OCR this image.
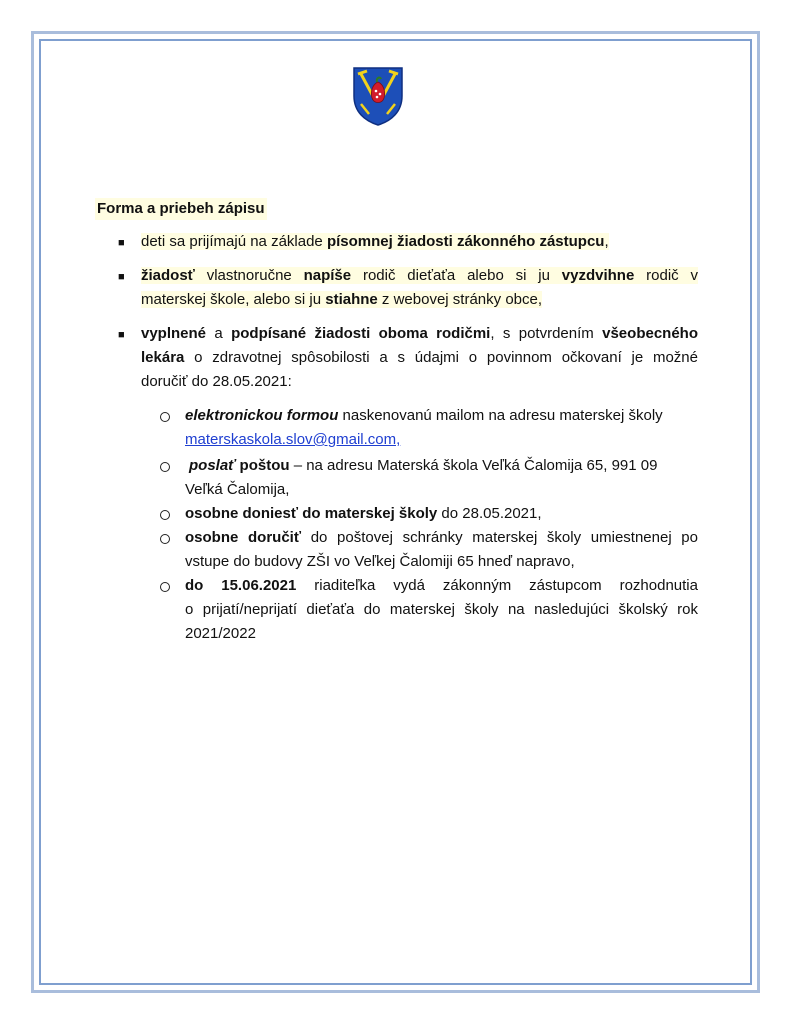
Forma a priebeh zápisu
■ deti sa prijímajú na základe písomnej žiadosti zákonného zástupcu,
■ žiadosť vlastnoručne napíše rodič dieťaťa alebo si ju vyzdvihne rodič v
materskej škole, alebo si ju stiahne z webovej stránky obce,
■ vyplnené a podpísané žiadosti oboma rodičmi, s potvrdením všeobecného
lekára o zdravotnej spôsobilosti a s údajmi o povinnom očkovaní je možné
doručiť do 28.05.2021:
elektronickou formou naskenovanú mailom na adresu materskej školy
materskaskola.slov@gmail.com,
poslať poštou – na adresu Materská škola Veľká Čalomija 65, 991 09
Veľká Čalomija,
osobne doniesť do materskej školy do 28.05.2021,
osobne doručiť do poštovej schránky materskej školy umiestnenej po
vstupe do budovy ZŠI vo Veľkej Čalomiji 65 hneď napravo,
do 15.06.2021 riaditeľka vydá zákonným zástupcom rozhodnutia
o prijatí/neprijatí dieťaťa do materskej školy na nasledujúci školský rok
2021/2022
